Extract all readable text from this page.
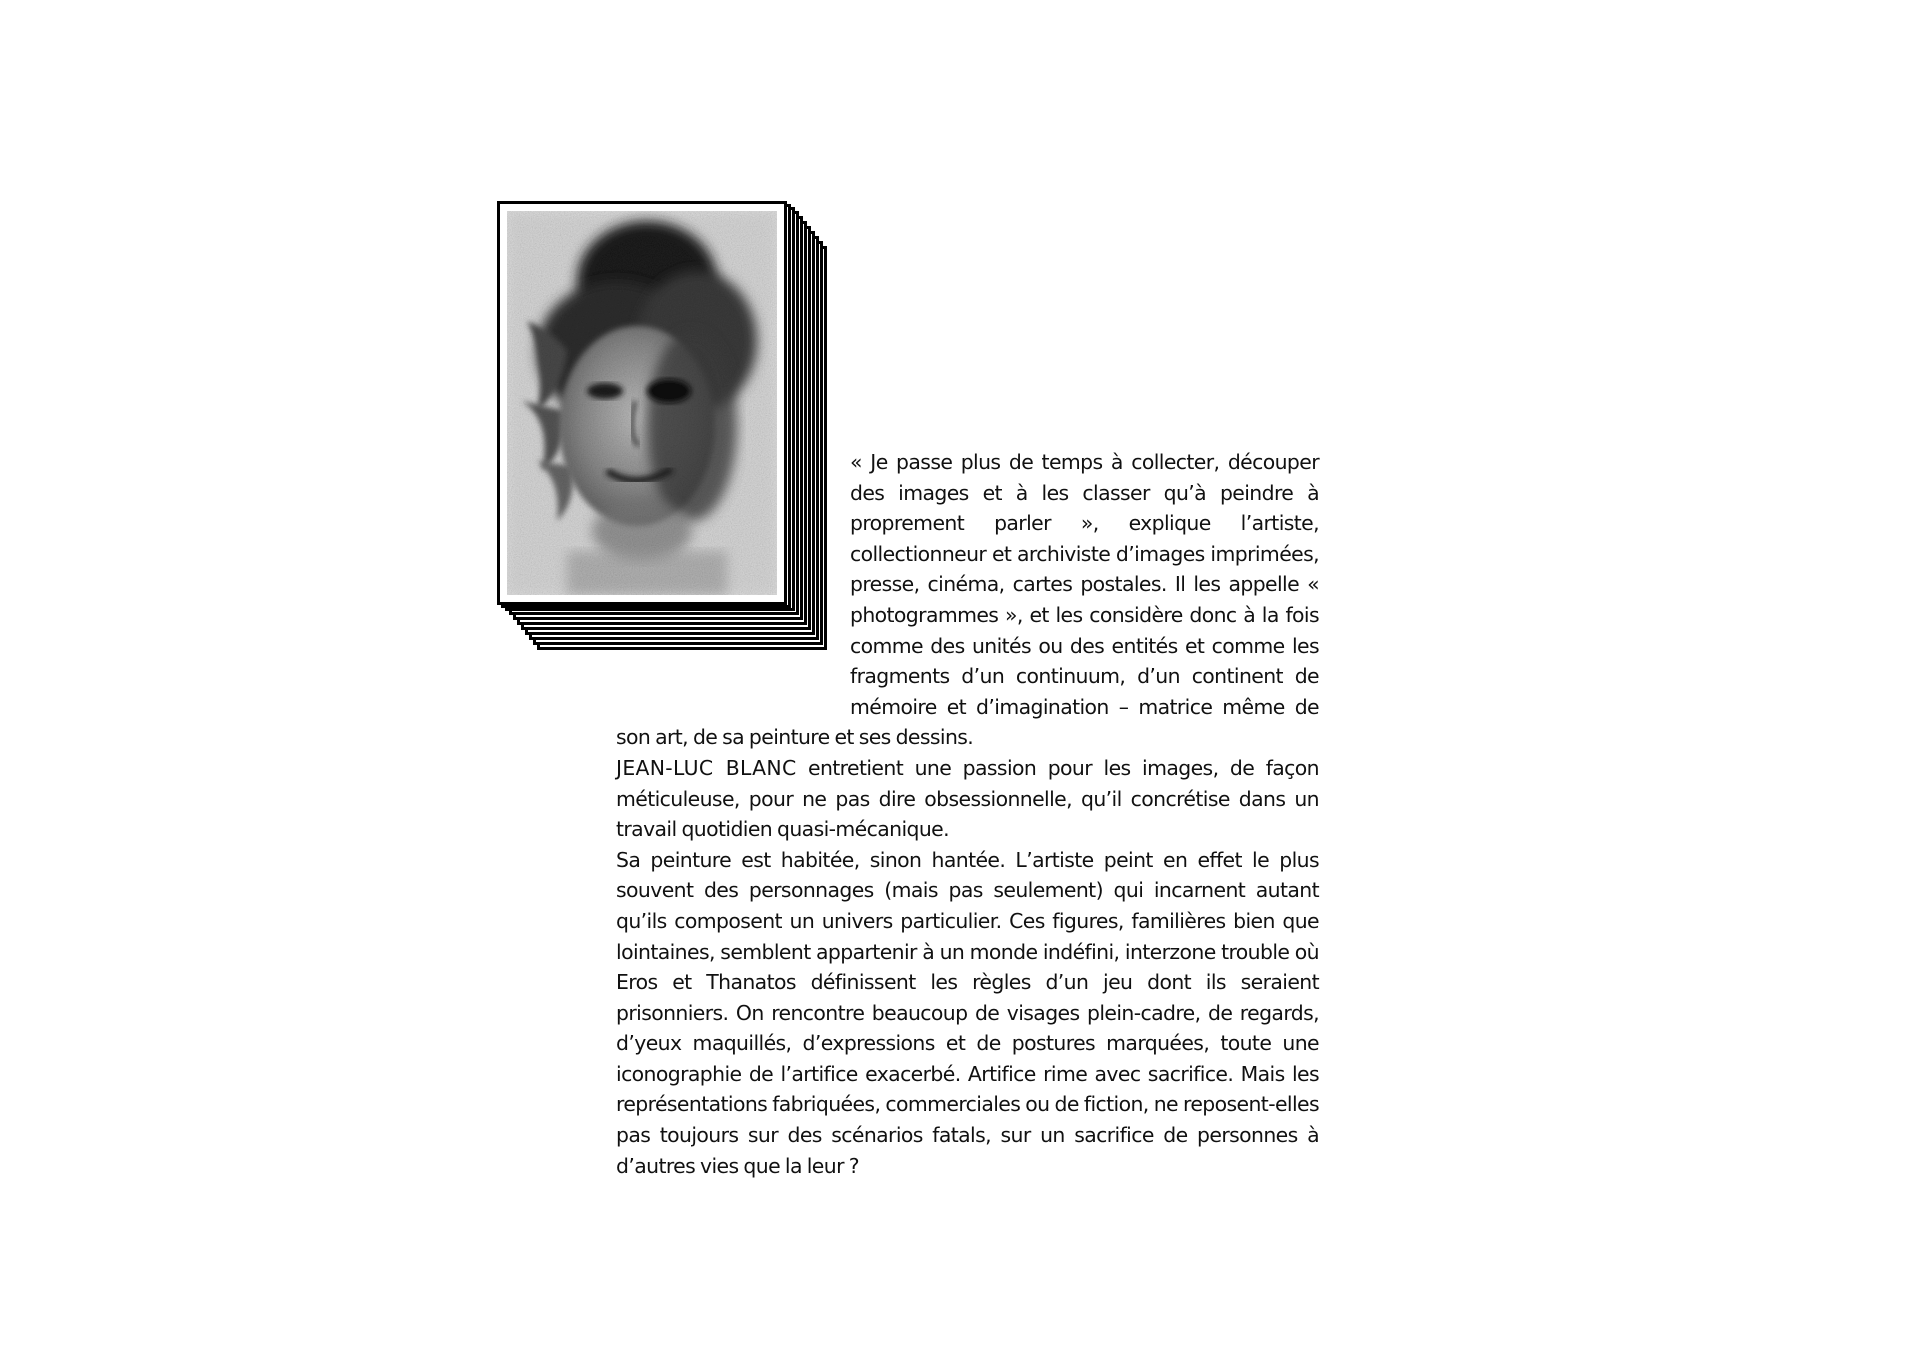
« Je passe plus de temps à collecter, découper des images et à les classer qu’à peindre à proprement parler », explique l’artiste, collectionneur et archiviste d’images imprimées, presse, cinéma, cartes postales. Il les appelle « photogrammes », et les considère donc à la fois comme des unités ou des entités et comme les fragments d’un continuum, d’un continent de mémoire et d’imagination – matrice même de son art, de sa peinture et ses dessins.
JEAN-LUC BLANC entretient une passion pour les images, de façon méticuleuse, pour ne pas dire obsessionnelle, qu’il concrétise dans un travail quotidien quasi-mécanique.

Sa peinture est habitée, sinon hantée. L’artiste peint en effet le plus souvent des personnages (mais pas seulement) qui incarnent autant qu’ils composent un univers particulier. Ces figures, familières bien que lointaines, semblent appartenir à un monde indéfini, interzone trouble où Eros et Thanatos définissent les règles d’un jeu dont ils seraient prisonniers. On rencontre beaucoup de visages plein-cadre, de regards, d’yeux maquillés, d’expressions et de postures marquées, toute une iconographie de l’artifice exacerbé. Artifice rime avec sacrifice. Mais les représentations fabriquées, commerciales ou de fiction, ne reposent-elles pas toujours sur des scénarios fatals, sur un sacrifice de personnes à d’autres vies que la leur ?
